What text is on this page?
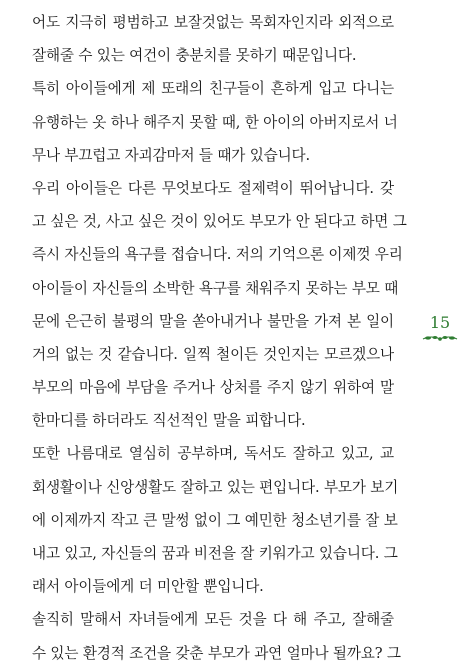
어도 지극히 평범하고 보잘것없는 목회자인지라 외적으로
잘해줄 수 있는 여건이 충분치를 못하기 때문입니다.
특히 아이들에게 제 또래의 친구들이 흔하게 입고 다니는
유행하는 옷 하나 해주지 못할 때, 한 아이의 아버지로서 너
무나 부끄럽고 자괴감마저 들 때가 있습니다.
우리 아이들은 다른 무엇보다도 절제력이 뛰어납니다. 갖
고 싶은 것, 사고 싶은 것이 있어도 부모가 안 된다고 하면 그
즉시 자신들의 욕구를 접습니다. 저의 기억으론 이제껏 우리
아이들이 자신들의 소박한 욕구를 채워주지 못하는 부모 때
문에 은근히 불평의 말을 쏟아내거나 불만을 가져 본 일이
거의 없는 것 같습니다. 일찍 철이든 것인지는 모르겠으나
부모의 마음에 부담을 주거나 상처를 주지 않기 위하여 말
한마디를 하더라도 직선적인 말을 피합니다.
또한 나름대로 열심히 공부하며, 독서도 잘하고 있고, 교
회생활이나 신앙생활도 잘하고 있는 편입니다. 부모가 보기
에 이제까지 작고 큰 말썽 없이 그 예민한 청소년기를 잘 보
내고 있고, 자신들의 꿈과 비전을 잘 키워가고 있습니다. 그
래서 아이들에게 더 미안할 뿐입니다.
솔직히 말해서 자녀들에게 모든 것을 다 해 주고, 잘해줄
수 있는 환경적 조건을 갖춘 부모가 과연 얼마나 될까요? 그
15
